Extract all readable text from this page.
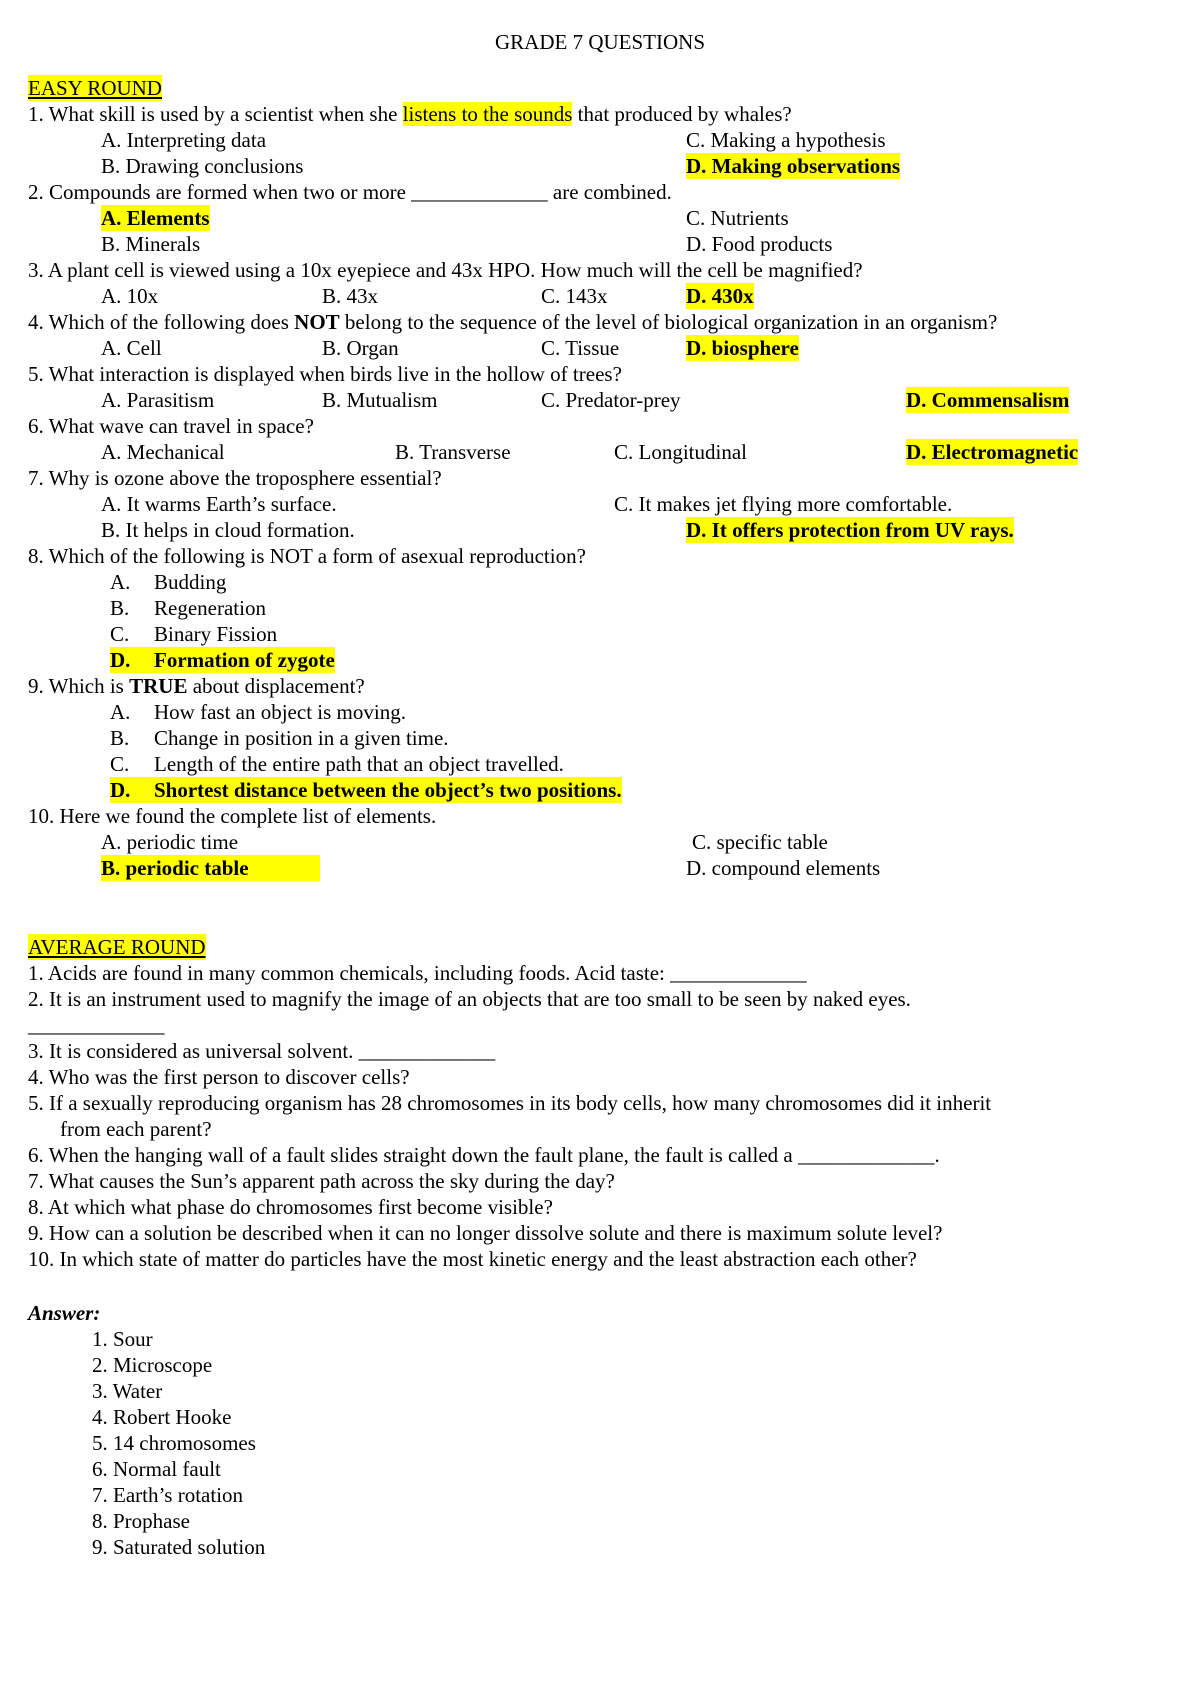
GRADE 7 QUESTIONS
EASY ROUND
1. What skill is used by a scientist when she listens to the sounds that produced by whales?
A. Interpreting data	C. Making a hypothesis
B. Drawing conclusions	D. Making observations
2. Compounds are formed when two or more _____________ are combined.
A. Elements	C. Nutrients
B. Minerals	D. Food products
3. A plant cell is viewed using a 10x eyepiece and 43x HPO. How much will the cell be magnified?
A. 10x	B. 43x	C. 143x	D. 430x
4. Which of the following does NOT belong to the sequence of the level of biological organization in an organism?
A. Cell	B. Organ	C. Tissue	D. biosphere
5. What interaction is displayed when birds live in the hollow of trees?
A. Parasitism	B. Mutualism	C. Predator-prey	D. Commensalism
6. What wave can travel in space?
A. Mechanical	B. Transverse	C. Longitudinal	D. Electromagnetic
7. Why is ozone above the troposphere essential?
A. It warms Earth’s surface.	C. It makes jet flying more comfortable.
B. It helps in cloud formation.	D. It offers protection from UV rays.
8. Which of the following is NOT a form of asexual reproduction?
A. Budding
B. Regeneration
C. Binary Fission
D. Formation of zygote
9. Which is TRUE about displacement?
A. How fast an object is moving.
B. Change in position in a given time.
C. Length of the entire path that an object travelled.
D. Shortest distance between the object’s two positions.
10. Here we found the complete list of elements.
A. periodic time	C. specific table
B. periodic table	D. compound elements
AVERAGE ROUND
1. Acids are found in many common chemicals, including foods. Acid taste: _____________
2. It is an instrument used to magnify the image of an objects that are too small to be seen by naked eyes.
_____________
3. It is considered as universal solvent. _____________
4. Who was the first person to discover cells?
5. If a sexually reproducing organism has 28 chromosomes in its body cells, how many chromosomes did it inherit
from each parent?
6. When the hanging wall of a fault slides straight down the fault plane, the fault is called a _____________.
7. What causes the Sun’s apparent path across the sky during the day?
8. At which what phase do chromosomes first become visible?
9. How can a solution be described when it can no longer dissolve solute and there is maximum solute level?
10. In which state of matter do particles have the most kinetic energy and the least abstraction each other?
Answer:
1. Sour
2. Microscope
3. Water
4. Robert Hooke
5. 14 chromosomes
6. Normal fault
7. Earth’s rotation
8. Prophase
9. Saturated solution
